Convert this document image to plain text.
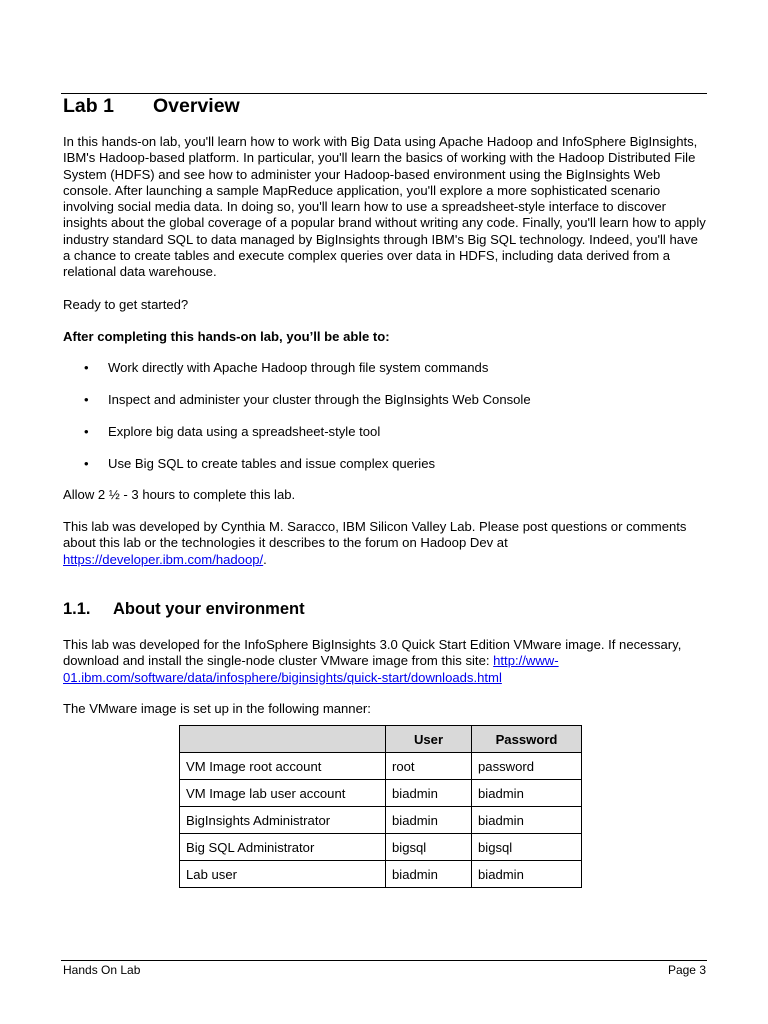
Lab 1 Overview
In this hands-on lab, you'll learn how to work with Big Data using Apache Hadoop and InfoSphere BigInsights, IBM's Hadoop-based platform. In particular, you'll learn the basics of working with the Hadoop Distributed File System (HDFS) and see how to administer your Hadoop-based environment using the BigInsights Web console. After launching a sample MapReduce application, you'll explore a more sophisticated scenario involving social media data. In doing so, you'll learn how to use a spreadsheet-style interface to discover insights about the global coverage of a popular brand without writing any code. Finally, you'll learn how to apply industry standard SQL to data managed by BigInsights through IBM's Big SQL technology. Indeed, you'll have a chance to create tables and execute complex queries over data in HDFS, including data derived from a relational data warehouse.
Ready to get started?
After completing this hands-on lab, you’ll be able to:
• Work directly with Apache Hadoop through file system commands
• Inspect and administer your cluster through the BigInsights Web Console
• Explore big data using a spreadsheet-style tool
• Use Big SQL to create tables and issue complex queries
Allow 2 ½ - 3 hours to complete this lab.
This lab was developed by Cynthia M. Saracco, IBM Silicon Valley Lab. Please post questions or comments about this lab or the technologies it describes to the forum on Hadoop Dev at https://developer.ibm.com/hadoop/.
1.1. About your environment
This lab was developed for the InfoSphere BigInsights 3.0 Quick Start Edition VMware image. If necessary, download and install the single-node cluster VMware image from this site: http://www-01.ibm.com/software/data/infosphere/biginsights/quick-start/downloads.html
The VMware image is set up in the following manner:
	User	Password
VM Image root account	root	password
VM Image lab user account	biadmin	biadmin
BigInsights Administrator	biadmin	biadmin
Big SQL Administrator	bigsql	bigsql
Lab user	biadmin	biadmin
Hands On Lab	Page 3
